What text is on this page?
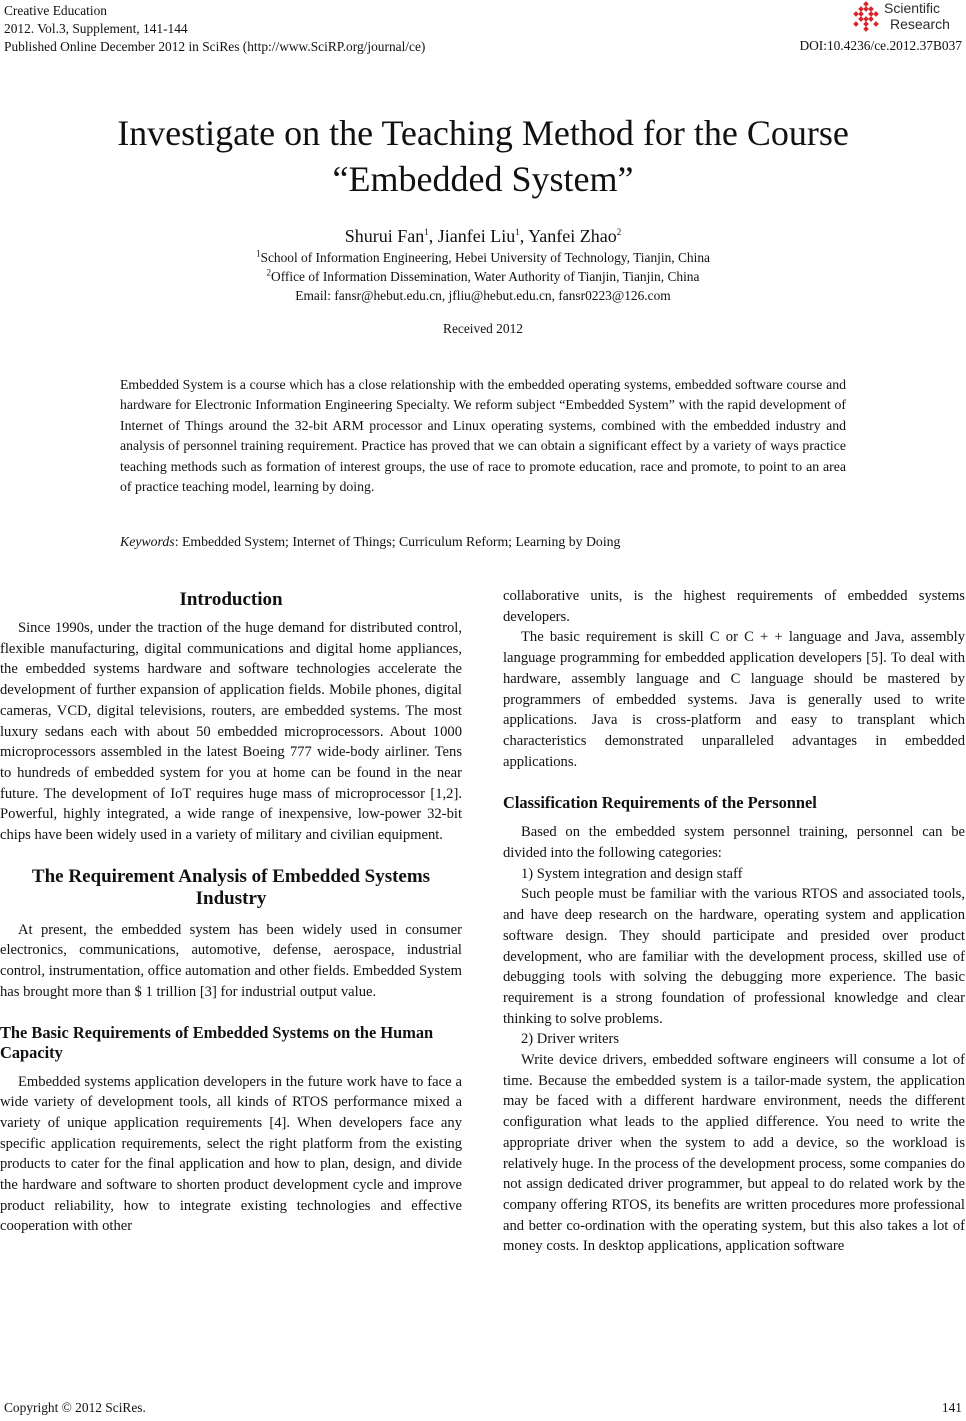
Creative Education
2012. Vol.3, Supplement, 141-144
Published Online December 2012 in SciRes (http://www.SciRP.org/journal/ce)	DOI:10.4236/ce.2012.37B037
Scientific
Research
Investigate on the Teaching Method for the Course
“Embedded System”
Shurui Fan$^1$, Jianfei Liu$^1$, Yanfei Zhao$^2$
$^1$School of Information Engineering, Hebei University of Technology, Tianjin, China
$^2$Office of Information Dissemination, Water Authority of Tianjin, Tianjin, China
Email: fansr@hebut.edu.cn, jfliu@hebut.edu.cn, fansr0223@126.com
Received 2012
Embedded System is a course which has a close relationship with the embedded operating systems, embedded software course and hardware for Electronic Information Engineering Specialty. We reform subject “Embedded System” with the rapid development of Internet of Things around the 32-bit ARM processor and Linux operating systems, combined with the embedded industry and analysis of personnel training requirement. Practice has proved that we can obtain a significant effect by a variety of ways practice teaching methods such as formation of interest groups, the use of race to promote education, race and promote, to point to an area of practice teaching model, learning by doing.
Keywords: Embedded System; Internet of Things; Curriculum Reform; Learning by Doing
Introduction

Since 1990s, under the traction of the huge demand for distributed control, flexible manufacturing, digital communications and digital home appliances, the embedded systems hardware and software technologies accelerate the development of further expansion of application fields. Mobile phones, digital cameras, VCD, digital televisions, routers, are embedded systems. The most luxury sedans each with about 50 embedded microprocessors. About 1000 microprocessors assembled in the latest Boeing 777 wide-body airliner. Tens to hundreds of embedded system for you at home can be found in the near future. The development of IoT requires huge mass of microprocessor [1,2]. Powerful, highly integrated, a wide range of inexpensive, low-power 32-bit chips have been widely used in a variety of military and civilian equipment.

The Requirement Analysis of Embedded Systems Industry

At present, the embedded system has been widely used in consumer electronics, communications, automotive, defense, aerospace, industrial control, instrumentation, office automation and other fields. Embedded System has brought more than $ 1 trillion [3] for industrial output value.

The Basic Requirements of Embedded Systems on the Human Capacity

Embedded systems application developers in the future work have to face a wide variety of development tools, all kinds of RTOS performance mixed a variety of unique application requirements [4]. When developers face any specific application requirements, select the right platform from the existing products to cater for the final application and how to plan, design, and divide the hardware and software to shorten product development cycle and improve product reliability, how to integrate existing technologies and effective cooperation with other

collaborative units, is the highest requirements of embedded systems developers.

The basic requirement is skill C or C + + language and Java, assembly language programming for embedded application developers [5]. To deal with hardware, assembly language and C language should be mastered by programmers of embedded systems. Java is generally used to write applications. Java is cross-platform and easy to transplant which characteristics demonstrated unparalleled advantages in embedded applications.

Classification Requirements of the Personnel

Based on the embedded system personnel training, personnel can be divided into the following categories:

1) System integration and design staff

Such people must be familiar with the various RTOS and associated tools, and have deep research on the hardware, operating system and application software design. They should participate and presided over product development, who are familiar with the development process, skilled use of debugging tools with solving the debugging more experience. The basic requirement is a strong foundation of professional knowledge and clear thinking to solve problems.

2) Driver writers

Write device drivers, embedded software engineers will consume a lot of time. Because the embedded system is a tailor-made system, the application may be faced with a different hardware environment, needs the different configuration what leads to the applied difference. You need to write the appropriate driver when the system to add a device, so the workload is relatively huge. In the process of the development process, some companies do not assign dedicated driver programmer, but appeal to do related work by the company offering RTOS, its benefits are written procedures more professional and better co-ordination with the operating system, but this also takes a lot of money costs. In desktop applications, application software

Copyright © 2012 SciRes.	141
